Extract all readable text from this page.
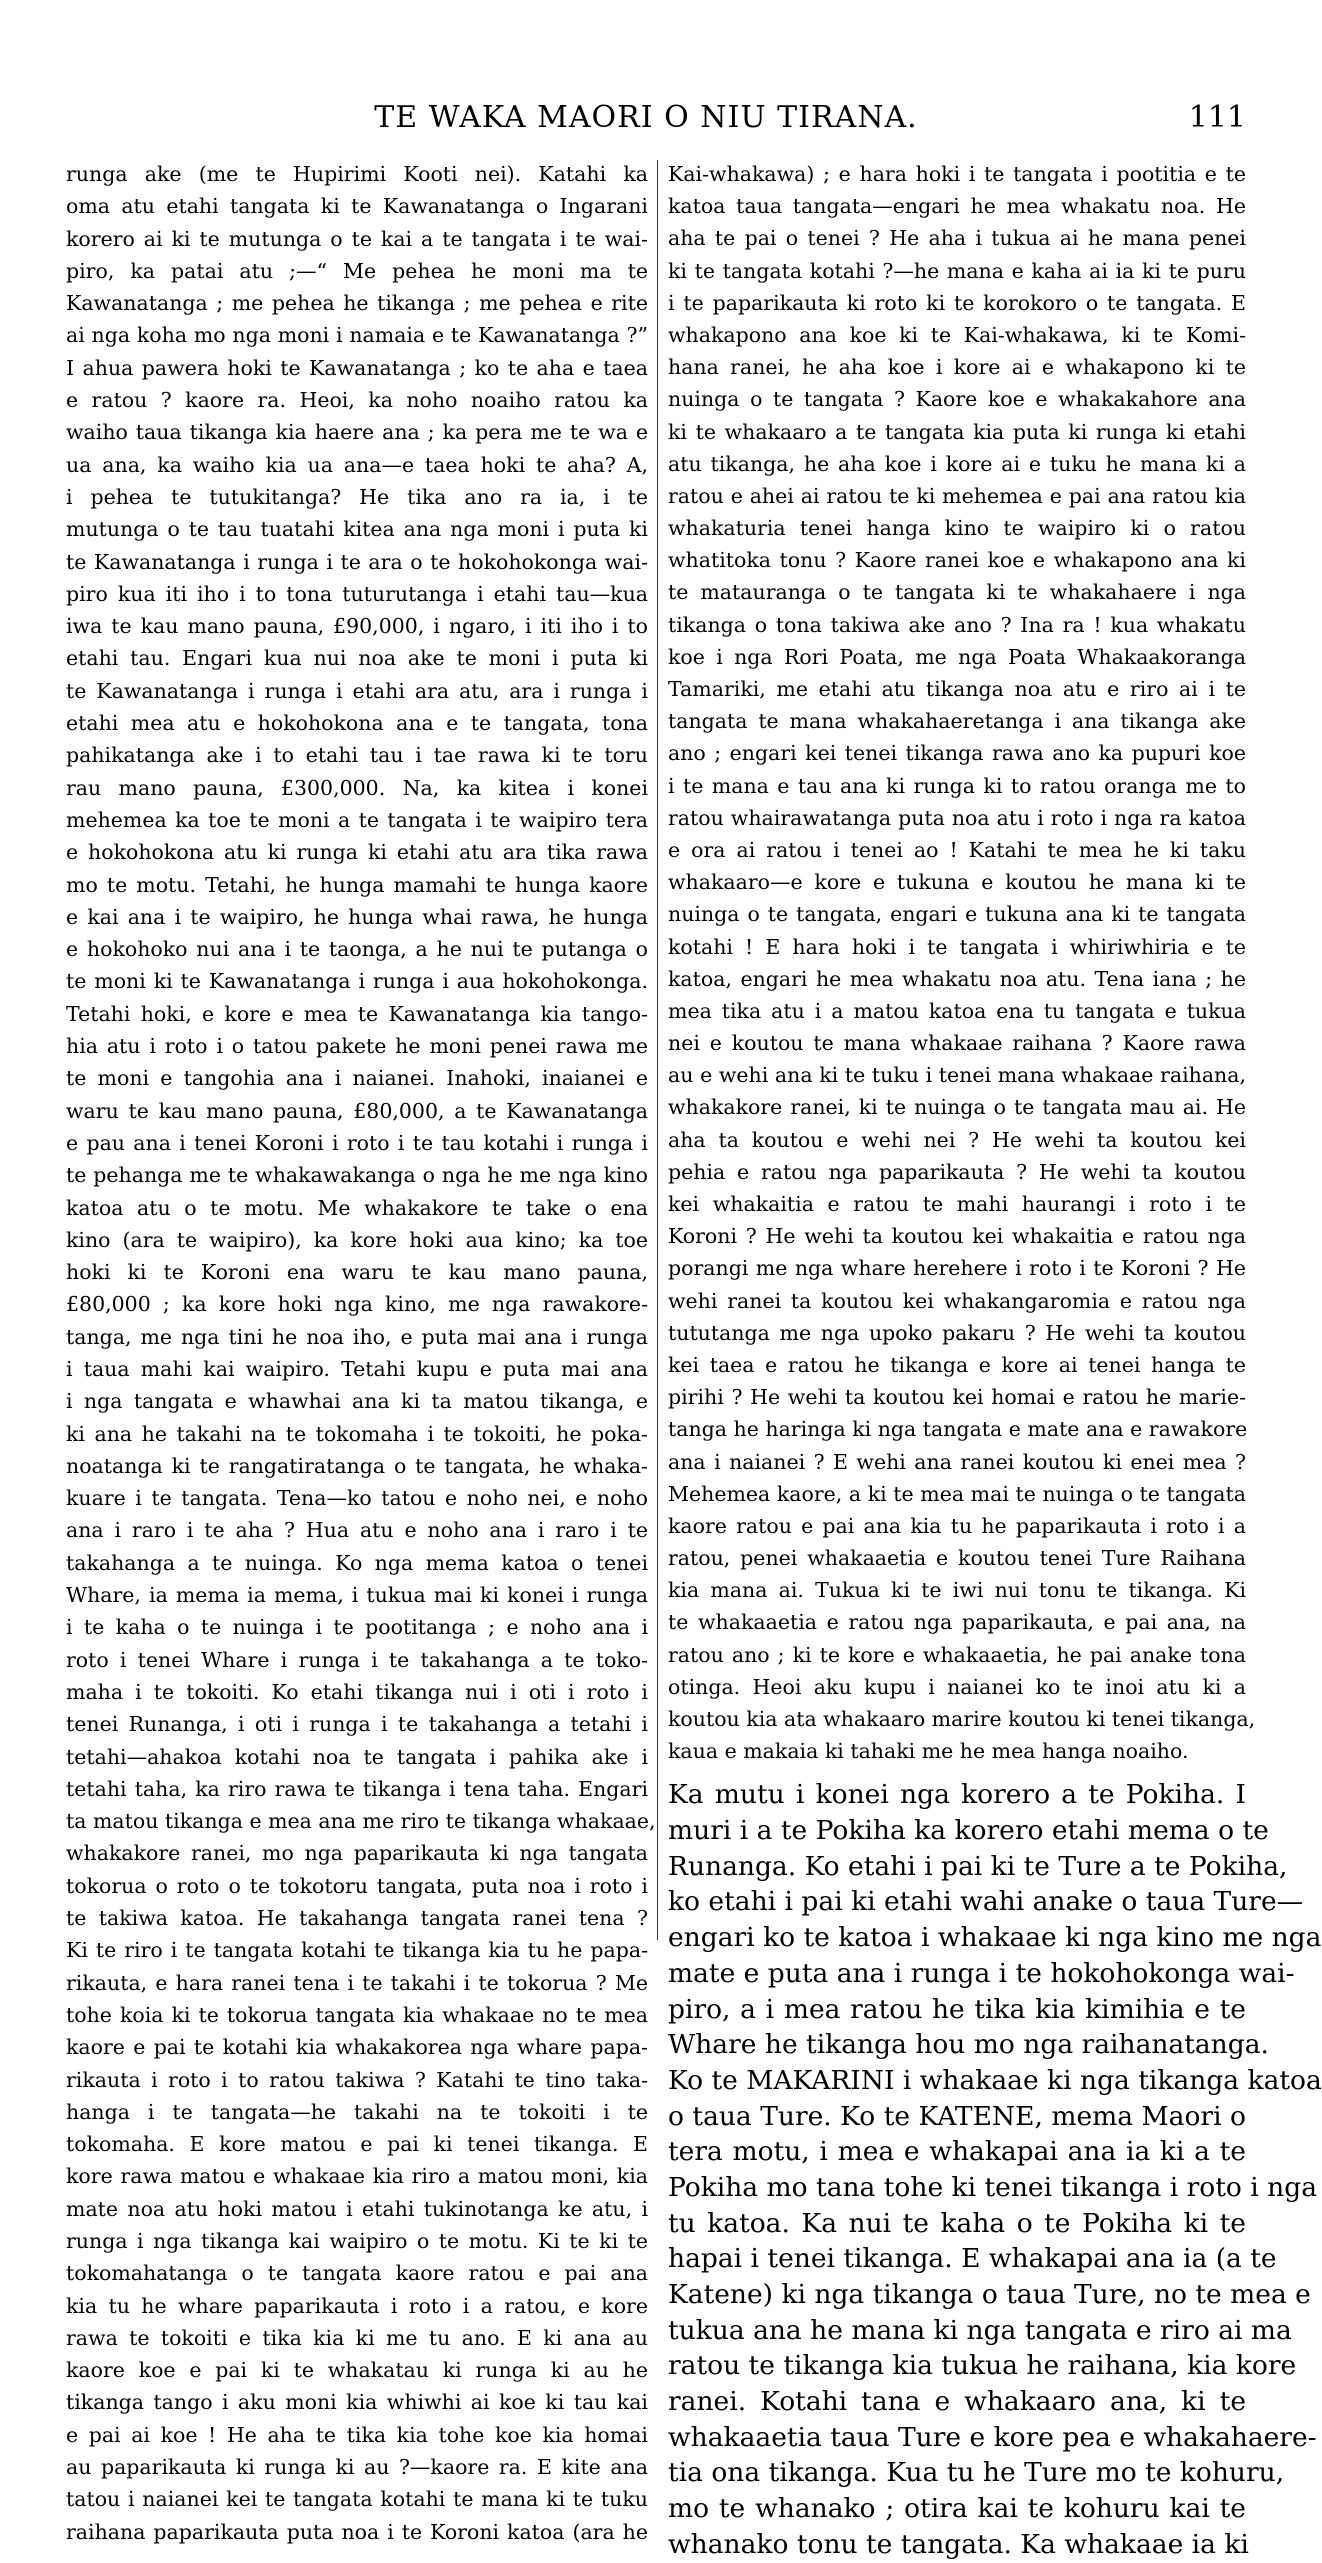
TE WAKA MAORI O NIU TIRANA.	111
runga ake (me te Hupirimi Kooti nei). Katahi ka
oma atu etahi tangata ki te Kawanatanga o Ingarani
korero ai ki te mutunga o te kai a te tangata i te wai-
piro, ka patai atu ;—“ Me pehea he moni ma te
Kawanatanga ; me pehea he tikanga ; me pehea e rite
ai nga koha mo nga moni i namaia e te Kawanatanga ?”
I ahua pawera hoki te Kawanatanga ; ko te aha e taea
e ratou ? kaore ra. Heoi, ka noho noaiho ratou ka
waiho taua tikanga kia haere ana ; ka pera me te wa e
ua ana, ka waiho kia ua ana—e taea hoki te aha? A,
i pehea te tutukitanga? He tika ano ra ia, i te
mutunga o te tau tuatahi kitea ana nga moni i puta ki
te Kawanatanga i runga i te ara o te hokohokonga wai-
piro kua iti iho i to tona tuturutanga i etahi tau—kua
iwa te kau mano pauna, £90,000, i ngaro, i iti iho i to
etahi tau. Engari kua nui noa ake te moni i puta ki
te Kawanatanga i runga i etahi ara atu, ara i runga i
etahi mea atu e hokohokona ana e te tangata, tona
pahikatanga ake i to etahi tau i tae rawa ki te toru
rau mano pauna, £300,000. Na, ka kitea i konei
mehemea ka toe te moni a te tangata i te waipiro tera
e hokohokona atu ki runga ki etahi atu ara tika rawa
mo te motu. Tetahi, he hunga mamahi te hunga kaore
e kai ana i te waipiro, he hunga whai rawa, he hunga
e hokohoko nui ana i te taonga, a he nui te putanga o
te moni ki te Kawanatanga i runga i aua hokohokonga.
Tetahi hoki, e kore e mea te Kawanatanga kia tango-
hia atu i roto i o tatou pakete he moni penei rawa me
te moni e tangohia ana i naianei. Inahoki, inaianei e
waru te kau mano pauna, £80,000, a te Kawanatanga
e pau ana i tenei Koroni i roto i te tau kotahi i runga i
te pehanga me te whakawakanga o nga he me nga kino
katoa atu o te motu. Me whakakore te take o ena
kino (ara te waipiro), ka kore hoki aua kino; ka toe
hoki ki te Koroni ena waru te kau mano pauna,
£80,000 ; ka kore hoki nga kino, me nga rawakore-
tanga, me nga tini he noa iho, e puta mai ana i runga
i taua mahi kai waipiro. Tetahi kupu e puta mai ana
i nga tangata e whawhai ana ki ta matou tikanga, e
ki ana he takahi na te tokomaha i te tokoiti, he poka-
noatanga ki te rangatiratanga o te tangata, he whaka-
kuare i te tangata. Tena—ko tatou e noho nei, e noho
ana i raro i te aha ? Hua atu e noho ana i raro i te
takahanga a te nuinga. Ko nga mema katoa o tenei
Whare, ia mema ia mema, i tukua mai ki konei i runga
i te kaha o te nuinga i te pootitanga ; e noho ana i
roto i tenei Whare i runga i te takahanga a te toko-
maha i te tokoiti. Ko etahi tikanga nui i oti i roto i
tenei Runanga, i oti i runga i te takahanga a tetahi i
tetahi—ahakoa kotahi noa te tangata i pahika ake i
tetahi taha, ka riro rawa te tikanga i tena taha. Engari
ta matou tikanga e mea ana me riro te tikanga whakaae,
whakakore ranei, mo nga paparikauta ki nga tangata
tokorua o roto o te tokotoru tangata, puta noa i roto i
te takiwa katoa. He takahanga tangata ranei tena ?
Ki te riro i te tangata kotahi te tikanga kia tu he papa-
rikauta, e hara ranei tena i te takahi i te tokorua ? Me
tohe koia ki te tokorua tangata kia whakaae no te mea
kaore e pai te kotahi kia whakakorea nga whare papa-
rikauta i roto i to ratou takiwa ? Katahi te tino taka-
hanga i te tangata—he takahi na te tokoiti i te
tokomaha. E kore matou e pai ki tenei tikanga. E
kore rawa matou e whakaae kia riro a matou moni, kia
mate noa atu hoki matou i etahi tukinotanga ke atu, i
runga i nga tikanga kai waipiro o te motu. Ki te ki te
tokomahatanga o te tangata kaore ratou e pai ana
kia tu he whare paparikauta i roto i a ratou, e kore
rawa te tokoiti e tika kia ki me tu ano. E ki ana au
kaore koe e pai ki te whakatau ki runga ki au he
tikanga tango i aku moni kia whiwhi ai koe ki tau kai
e pai ai koe ! He aha te tika kia tohe koe kia homai
au paparikauta ki runga ki au ?—kaore ra. E kite ana
tatou i naianei kei te tangata kotahi te mana ki te tuku
raihana paparikauta puta noa i te Koroni katoa (ara he
Kai-whakawa) ; e hara hoki i te tangata i pootitia e te
katoa taua tangata—engari he mea whakatu noa. He
aha te pai o tenei ? He aha i tukua ai he mana penei
ki te tangata kotahi ?—he mana e kaha ai ia ki te puru
i te paparikauta ki roto ki te korokoro o te tangata. E
whakapono ana koe ki te Kai-whakawa, ki te Komi-
hana ranei, he aha koe i kore ai e whakapono ki te
nuinga o te tangata ? Kaore koe e whakakahore ana
ki te whakaaro a te tangata kia puta ki runga ki etahi
atu tikanga, he aha koe i kore ai e tuku he mana ki a
ratou e ahei ai ratou te ki mehemea e pai ana ratou kia
whakaturia tenei hanga kino te waipiro ki o ratou
whatitoka tonu ? Kaore ranei koe e whakapono ana ki
te matauranga o te tangata ki te whakahaere i nga
tikanga o tona takiwa ake ano ? Ina ra ! kua whakatu
koe i nga Rori Poata, me nga Poata Whakaakoranga
Tamariki, me etahi atu tikanga noa atu e riro ai i te
tangata te mana whakahaeretanga i ana tikanga ake
ano ; engari kei tenei tikanga rawa ano ka pupuri koe
i te mana e tau ana ki runga ki to ratou oranga me to
ratou whairawatanga puta noa atu i roto i nga ra katoa
e ora ai ratou i tenei ao ! Katahi te mea he ki taku
whakaaro—e kore e tukuna e koutou he mana ki te
nuinga o te tangata, engari e tukuna ana ki te tangata
kotahi ! E hara hoki i te tangata i whiriwhiria e te
katoa, engari he mea whakatu noa atu. Tena iana ; he
mea tika atu i a matou katoa ena tu tangata e tukua
nei e koutou te mana whakaae raihana ? Kaore rawa
au e wehi ana ki te tuku i tenei mana whakaae raihana,
whakakore ranei, ki te nuinga o te tangata mau ai. He
aha ta koutou e wehi nei ? He wehi ta koutou kei
pehia e ratou nga paparikauta ? He wehi ta koutou
kei whakaitia e ratou te mahi haurangi i roto i te
Koroni ? He wehi ta koutou kei whakaitia e ratou nga
porangi me nga whare herehere i roto i te Koroni ? He
wehi ranei ta koutou kei whakangaromia e ratou nga
tututanga me nga upoko pakaru ? He wehi ta koutou
kei taea e ratou he tikanga e kore ai tenei hanga te
pirihi ? He wehi ta koutou kei homai e ratou he marie-
tanga he haringa ki nga tangata e mate ana e rawakore
ana i naianei ? E wehi ana ranei koutou ki enei mea ?
Mehemea kaore, a ki te mea mai te nuinga o te tangata
kaore ratou e pai ana kia tu he paparikauta i roto i a
ratou, penei whakaaetia e koutou tenei Ture Raihana
kia mana ai. Tukua ki te iwi nui tonu te tikanga. Ki
te whakaaetia e ratou nga paparikauta, e pai ana, na
ratou ano ; ki te kore e whakaaetia, he pai anake tona
otinga. Heoi aku kupu i naianei ko te inoi atu ki a
koutou kia ata whakaaro marire koutou ki tenei tikanga,
kaua e makaia ki tahaki me he mea hanga noaiho.
Ka mutu i konei nga korero a te Pokiha. I
muri i a te Pokiha ka korero etahi mema o te
Runanga. Ko etahi i pai ki te Ture a te Pokiha,
ko etahi i pai ki etahi wahi anake o taua Ture—
engari ko te katoa i whakaae ki nga kino me nga
mate e puta ana i runga i te hokohokonga wai-
piro, a i mea ratou he tika kia kimihia e te
Whare he tikanga hou mo nga raihanatanga.
Ko te MAKARINI i whakaae ki nga tikanga katoa
o taua Ture. Ko te KATENE, mema Maori o
tera motu, i mea e whakapai ana ia ki a te
Pokiha mo tana tohe ki tenei tikanga i roto i nga
tu katoa. Ka nui te kaha o te Pokiha ki te
hapai i tenei tikanga. E whakapai ana ia (a te
Katene) ki nga tikanga o taua Ture, no te mea e
tukua ana he mana ki nga tangata e riro ai ma
ratou te tikanga kia tukua he raihana, kia kore
ranei. Kotahi tana e whakaaro ana, ki te
whakaaetia taua Ture e kore pea e whakahaere-
tia ona tikanga. Kua tu he Ture mo te kohuru,
mo te whanako ; otira kai te kohuru kai te
whanako tonu te tangata. Ka whakaae ia ki
